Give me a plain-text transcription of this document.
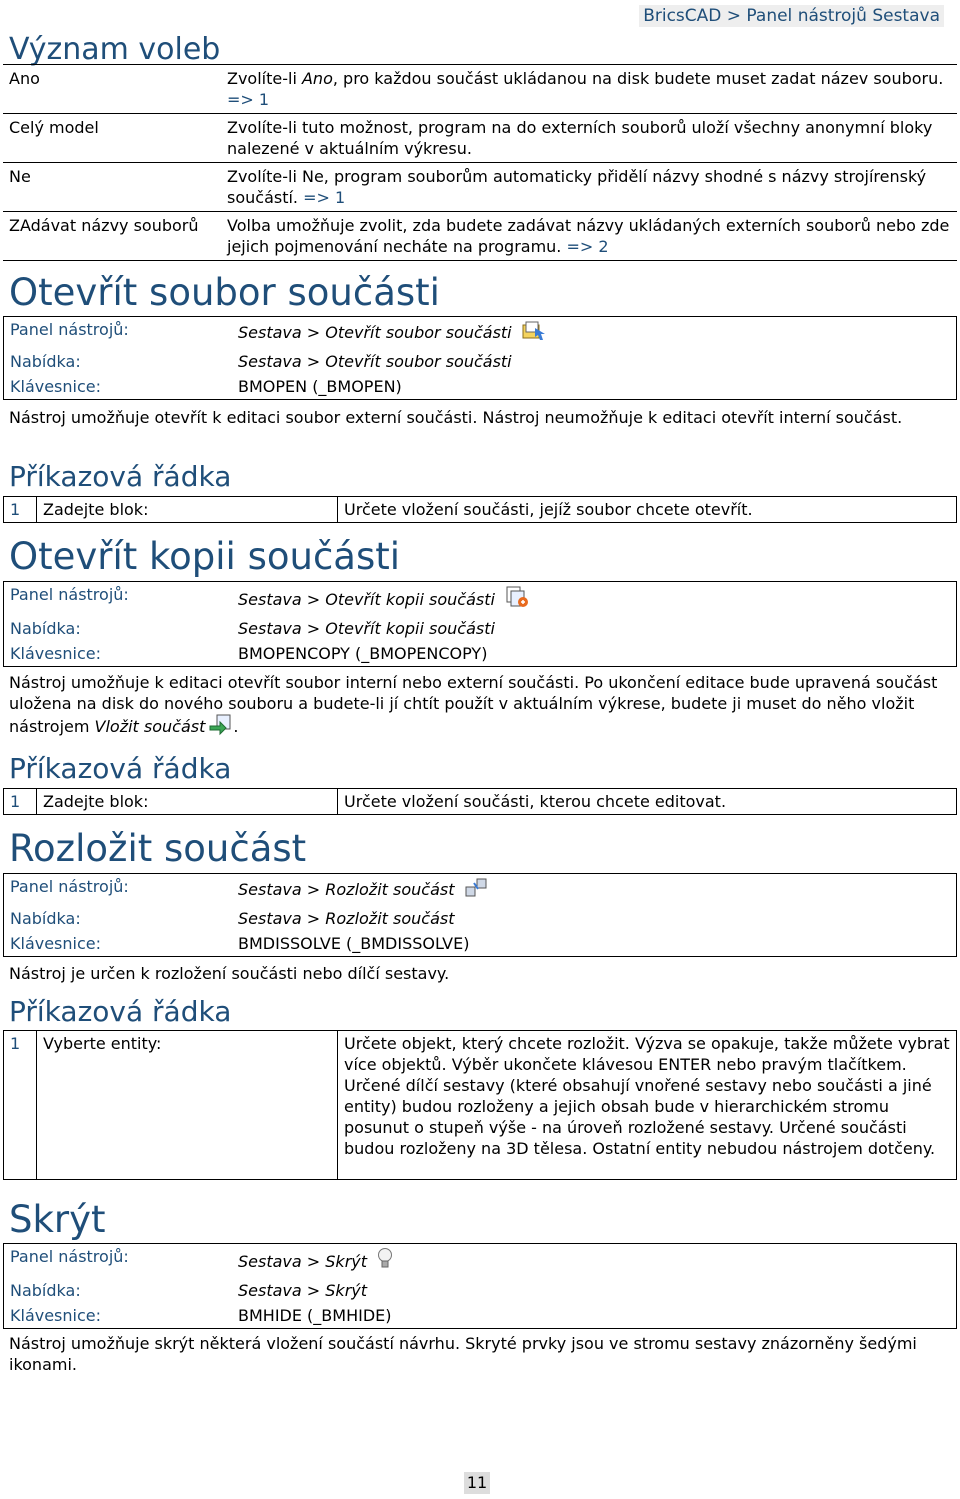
BricsCAD > Panel nástrojů Sestava
Význam voleb
Ano	Zvolíte-li Ano, pro každou součást ukládanou na disk budete muset zadat název souboru. => 1
Celý model	Zvolíte-li tuto možnost, program na do externích souborů uloží všechny anonymní bloky nalezené v aktuálním výkresu.
Ne	Zvolíte-li Ne, program souborům automaticky přidělí názvy shodné s názvy strojírenský součástí. => 1
ZAdávat názvy souborů	Volba umožňuje zvolit, zda budete zadávat názvy ukládaných externích souborů nebo zde jejich pojmenování necháte na programu. => 2
Otevřít soubor součásti
Panel nástrojů:	Sestava > Otevřít soubor součásti
Nabídka:	Sestava > Otevřít soubor součásti
Klávesnice:	BMOPEN (_BMOPEN)
Nástroj umožňuje otevřít k editaci soubor externí součásti. Nástroj neumožňuje k editaci otevřít interní součást.
Příkazová řádka
1	Zadejte blok:	Určete vložení součásti, jejíž soubor chcete otevřít.
Otevřít kopii součásti
Panel nástrojů:	Sestava > Otevřít kopii součásti
Nabídka:	Sestava > Otevřít kopii součásti
Klávesnice:	BMOPENCOPY (_BMOPENCOPY)
Nástroj umožňuje k editaci otevřít soubor interní nebo externí součásti. Po ukončení editace bude upravená součást uložena na disk do nového souboru a budete-li jí chtít použít v aktuálním výkrese, budete ji muset do něho vložit nástrojem Vložit součást .
Příkazová řádka
1	Zadejte blok:	Určete vložení součásti, kterou chcete editovat.
Rozložit součást
Panel nástrojů:	Sestava > Rozložit součást
Nabídka:	Sestava > Rozložit součást
Klávesnice:	BMDISSOLVE (_BMDISSOLVE)
Nástroj je určen k rozložení součásti nebo dílčí sestavy.
Příkazová řádka
1	Vyberte entity:	Určete objekt, který chcete rozložit. Výzva se opakuje, takže můžete vybrat více objektů. Výběr ukončete klávesou ENTER nebo pravým tlačítkem. Určené dílčí sestavy (které obsahují vnořené sestavy nebo součásti a jiné entity) budou rozloženy a jejich obsah bude v hierarchickém stromu posunut o stupeň výše - na úroveň rozložené sestavy. Určené součásti budou rozloženy na 3D tělesa. Ostatní entity nebudou nástrojem dotčeny.
Skrýt
Panel nástrojů:	Sestava > Skrýt
Nabídka:	Sestava > Skrýt
Klávesnice:	BMHIDE (_BMHIDE)
Nástroj umožňuje skrýt některá vložení součástí návrhu. Skryté prvky jsou ve stromu sestavy znázorněny šedými ikonami.
11
